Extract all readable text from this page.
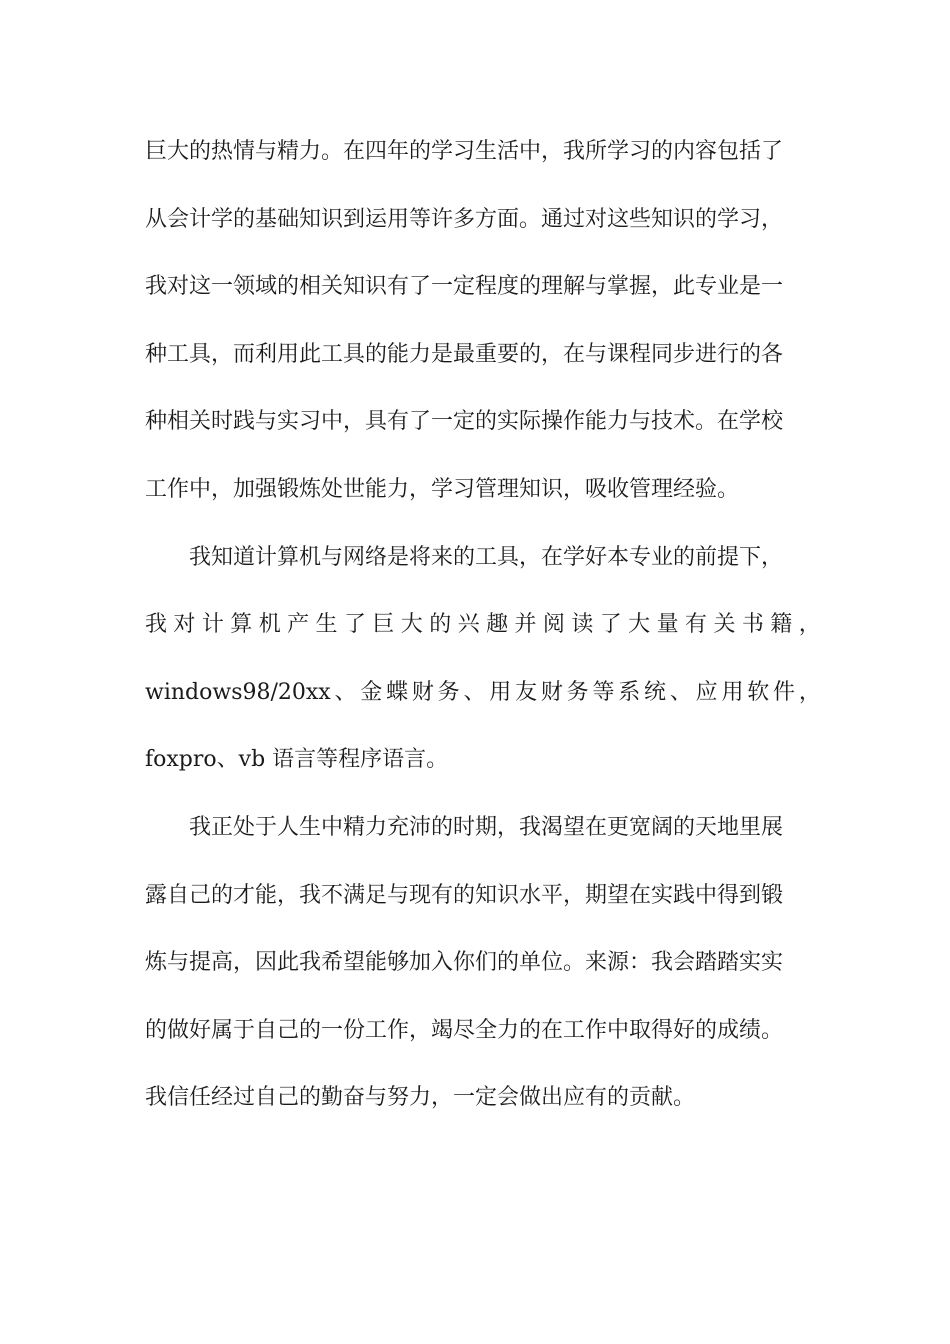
巨大的热情与精力。在四年的学习生活中，我所学习的内容包括了
从会计学的基础知识到运用等许多方面。通过对这些知识的学习，
我对这一领域的相关知识有了一定程度的理解与掌握，此专业是一
种工具，而利用此工具的能力是最重要的，在与课程同步进行的各
种相关时践与实习中，具有了一定的实际操作能力与技术。在学校
工作中，加强锻炼处世能力，学习管理知识，吸收管理经验。
我知道计算机与网络是将来的工具，在学好本专业的前提下，
我 对 计 算 机 产 生 了 巨 大 的 兴 趣 并 阅 读 了 大 量 有 关 书 籍 ，
windows98/20xx 、 金 蝶 财 务 、 用 友 财 务 等 系 统 、 应 用 软 件 ，
foxpro、vb 语言等程序语言。
我正处于人生中精力充沛的时期，我渴望在更宽阔的天地里展
露自己的才能，我不满足与现有的知识水平，期望在实践中得到锻
炼与提高，因此我希望能够加入你们的单位。来源：我会踏踏实实
的做好属于自己的一份工作，竭尽全力的在工作中取得好的成绩。
我信任经过自己的勤奋与努力，一定会做出应有的贡献。
